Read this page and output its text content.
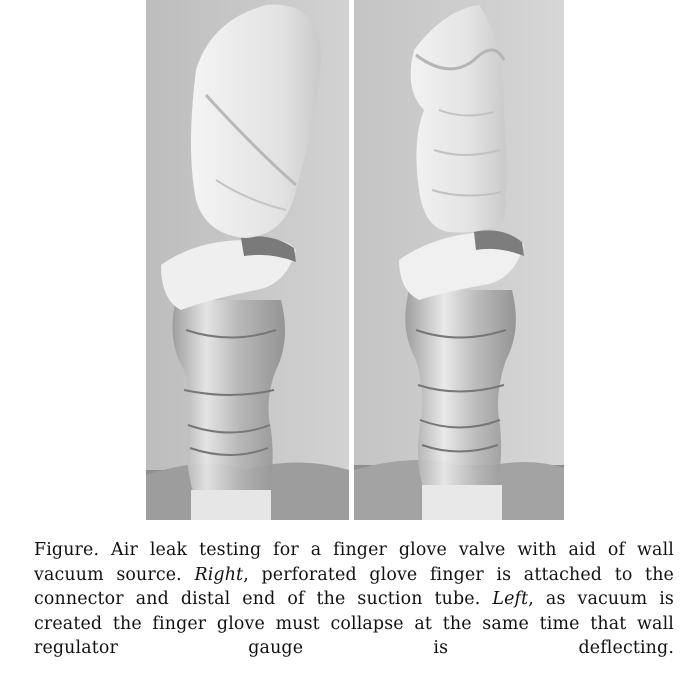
Figure. Air leak testing for a finger glove valve with aid of wall vacuum source. Right, perforated glove finger is attached to the connector and distal end of the suction tube. Left, as vacuum is created the finger glove must collapse at the same time that wall regulator gauge is deflecting.
